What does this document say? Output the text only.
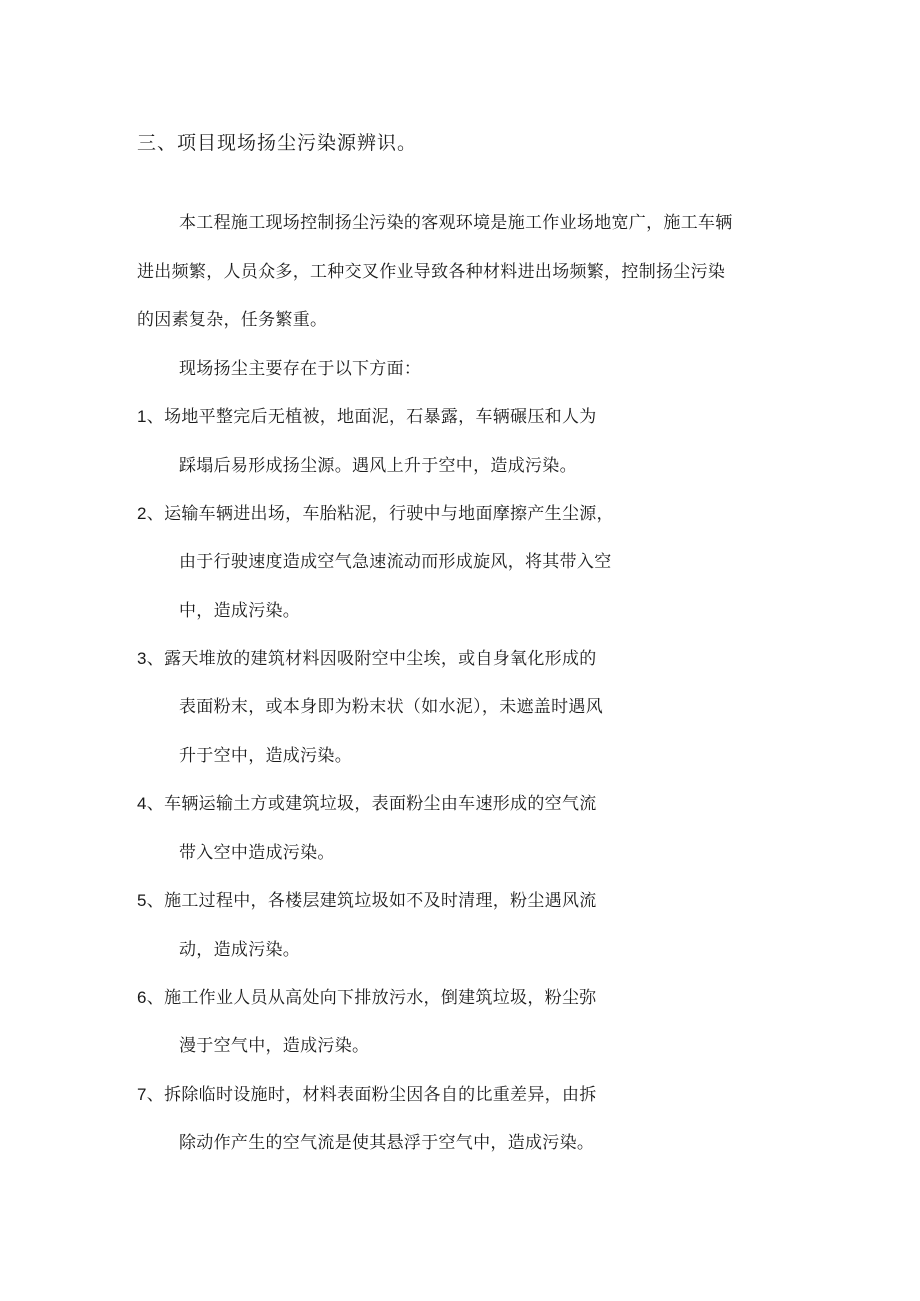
三、项目现场扬尘污染源辨识。
本工程施工现场控制扬尘污染的客观环境是施工作业场地宽广，施工车辆
进出频繁，人员众多，工种交叉作业导致各种材料进出场频繁，控制扬尘污染
的因素复杂，任务繁重。
现场扬尘主要存在于以下方面：
1、场地平整完后无植被，地面泥，石暴露，车辆碾压和人为
踩塌后易形成扬尘源。遇风上升于空中，造成污染。
2、运输车辆进出场，车胎粘泥，行驶中与地面摩擦产生尘源，
由于行驶速度造成空气急速流动而形成旋风，将其带入空
中，造成污染。
3、露天堆放的建筑材料因吸附空中尘埃，或自身氧化形成的
表面粉末，或本身即为粉末状（如水泥），未遮盖时遇风
升于空中，造成污染。
4、车辆运输土方或建筑垃圾，表面粉尘由车速形成的空气流
带入空中造成污染。
5、施工过程中，各楼层建筑垃圾如不及时清理，粉尘遇风流
动，造成污染。
6、施工作业人员从高处向下排放污水，倒建筑垃圾，粉尘弥
漫于空气中，造成污染。
7、拆除临时设施时，材料表面粉尘因各自的比重差异，由拆
除动作产生的空气流是使其悬浮于空气中，造成污染。
